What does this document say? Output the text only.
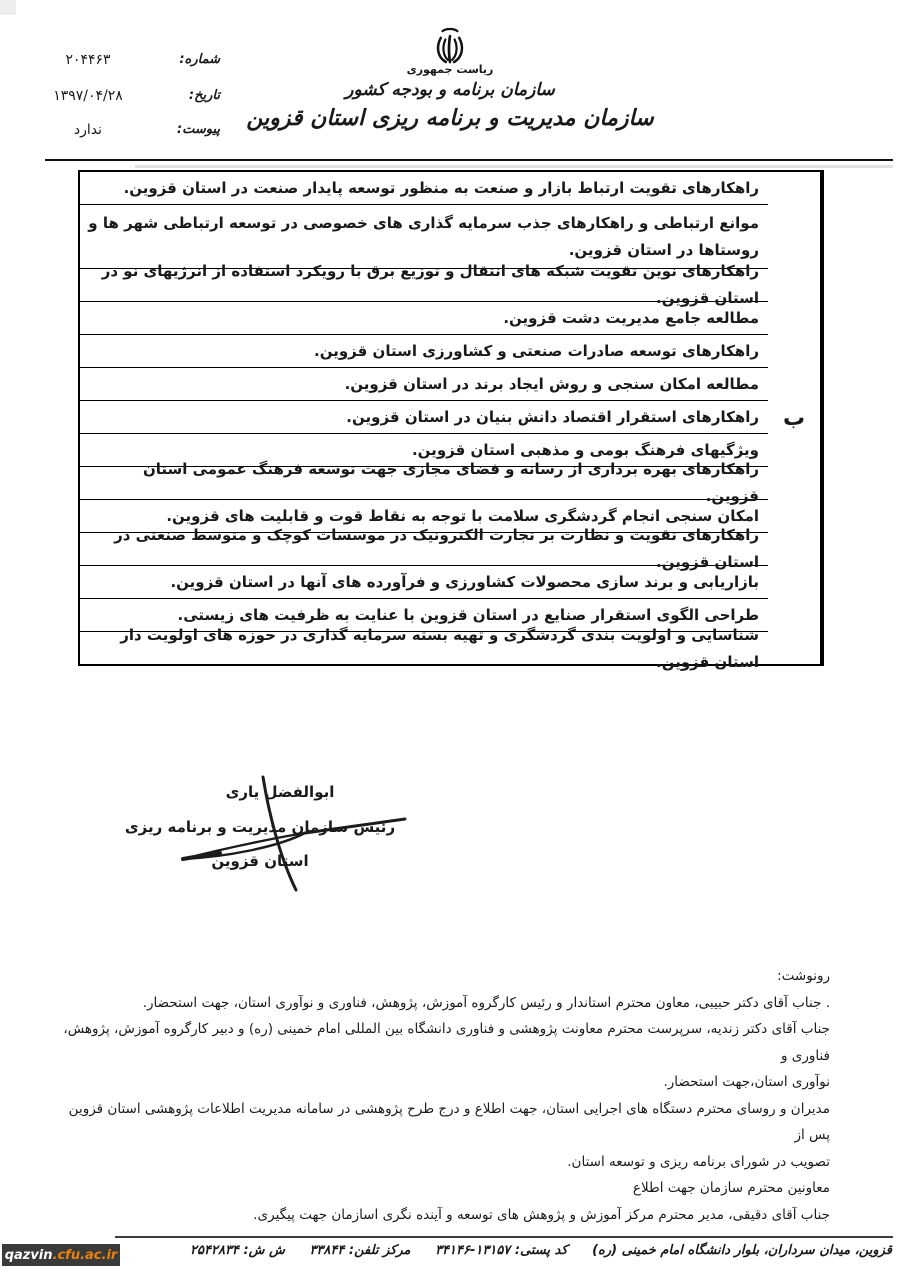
ریاست جمهوری
سازمان برنامه و بودجه کشور
سازمان مدیریت و برنامه ریزی استان قزوین
شماره:
۲۰۴۴۶۳
تاریخ:
۱۳۹۷/۰۴/۲۸
پیوست:
ندارد
ب
راهکارهای تقویت ارتباط بازار و صنعت به منظور توسعه پایدار صنعت در استان قزوین.
موانع ارتباطی و راهکارهای جذب سرمایه گذاری های خصوصی در توسعه ارتباطی شهر ها و روستاها در استان قزوین.
راهکارهای نوین تقویت شبکه های انتقال و توزیع برق با رویکرد استفاده از انرژیهای نو در استان قزوین.
مطالعه جامع مدیریت دشت قزوین.
راهکارهای توسعه صادرات صنعتی و کشاورزی استان قزوین.
مطالعه امکان سنجی و روش ایجاد برند در استان قزوین.
راهکارهای استقرار اقتصاد دانش بنیان در استان قزوین.
ویژگیهای فرهنگ بومی و مذهبی استان قزوین.
راهکارهای بهره برداری از رسانه و فضای مجازی جهت توسعه فرهنگ عمومی استان قزوین.
امکان سنجی انجام گردشگری سلامت با توجه به نقاط قوت و قابلیت های قزوین.
راهکارهای تقویت و نظارت بر تجارت الکترونیک در موسسات کوچک و متوسط صنعتی در استان قزوین.
بازاریابی و برند سازی محصولات کشاورزی و فرآورده های آنها در استان قزوین.
طراحی الگوی استقرار صنایع در استان قزوین با عنایت به ظرفیت های زیستی.
شناسایی و اولویت بندی گردشگری و تهیه بسته سرمایه گذاری در حوزه های اولویت دار استان قزوین.
ابوالفضل یاری
رئیس سازمان مدیریت و برنامه ریزی
استان قزوین
رونوشت:
. جناب آقای دکتر حبیبی، معاون محترم استاندار و رئیس کارگروه آموزش، پژوهش، فناوری و نوآوری استان، جهت استحضار.
جناب آقای دکتر زندیه، سرپرست محترم معاونت پژوهشی و فناوری دانشگاه بین المللی امام خمینی (ره) و دبیر کارگروه آموزش، پژوهش، فناوری و
نوآوری استان،جهت استحضار.
مدیران و روسای محترم دستگاه های اجرایی استان، جهت اطلاع و درج طرح پژوهشی در سامانه مدیریت اطلاعات پژوهشی استان قزوین پس از
تصویب در شورای برنامه ریزی و توسعه استان.
معاونین محترم سازمان جهت اطلاع
جناب آقای دقیقی، مدیر محترم مرکز آموزش و پژوهش های توسعه و آینده نگری اسازمان جهت پیگیری.
قزوین، میدان سرداران، بلوار دانشگاه امام خمینی (ره)
کد پستی: ۳۴۱۴۶-۱۳۱۵۷
مرکز تلفن: ۳۳۸۴۴
ش ش: ۲۵۴۲۸۳۴
qazvin .cfu.ac.ir
